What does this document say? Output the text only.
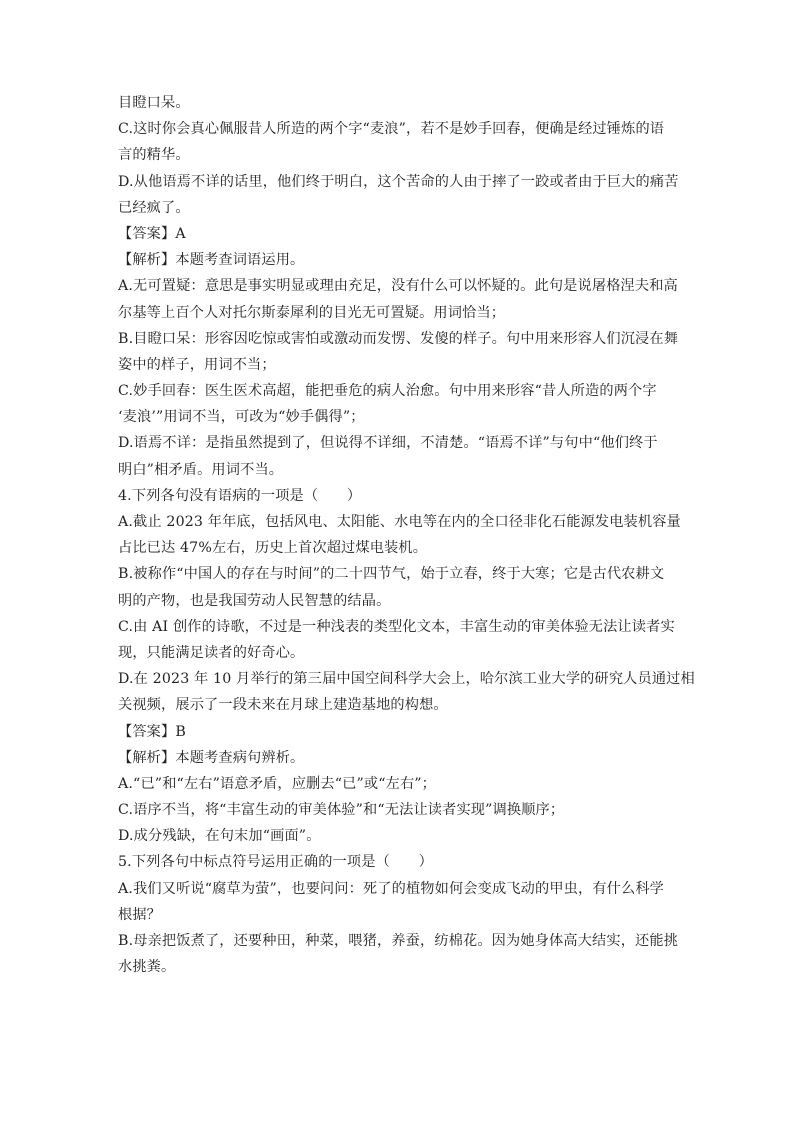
目瞪口呆。
C.这时你会真心佩服昔人所造的两个字“麦浪”，若不是妙手回春，便确是经过锤炼的语
言的精华。
D.从他语焉不详的话里，他们终于明白，这个苦命的人由于摔了一跤或者由于巨大的痛苦
已经疯了。
【答案】A
【解析】本题考查词语运用。
A.无可置疑：意思是事实明显或理由充足，没有什么可以怀疑的。此句是说屠格涅夫和高
尔基等上百个人对托尔斯泰犀利的目光无可置疑。用词恰当；
B.目瞪口呆：形容因吃惊或害怕或激动而发愣、发傻的样子。句中用来形容人们沉浸在舞
姿中的样子，用词不当；
C.妙手回春：医生医术高超，能把垂危的病人治愈。句中用来形容“昔人所造的两个字
‘麦浪’”用词不当，可改为“妙手偶得”；
D.语焉不详：是指虽然提到了，但说得不详细，不清楚。“语焉不详”与句中“他们终于
明白”相矛盾。用词不当。
4.下列各句没有语病的一项是（　　）
A.截止 2023 年年底，包括风电、太阳能、水电等在内的全口径非化石能源发电装机容量
占比已达 47%左右，历史上首次超过煤电装机。
B.被称作“中国人的存在与时间”的二十四节气，始于立春，终于大寒；它是古代农耕文
明的产物，也是我国劳动人民智慧的结晶。
C.由 AI 创作的诗歌，不过是一种浅表的类型化文本，丰富生动的审美体验无法让读者实
现，只能满足读者的好奇心。
D.在 2023 年 10 月举行的第三届中国空间科学大会上，哈尔滨工业大学的研究人员通过相
关视频，展示了一段未来在月球上建造基地的构想。
【答案】B
【解析】本题考查病句辨析。
A.“已”和“左右”语意矛盾，应删去“已”或“左右”；
C.语序不当，将“丰富生动的审美体验”和“无法让读者实现”调换顺序；
D.成分残缺，在句末加“画面”。
5.下列各句中标点符号运用正确的一项是（　　）
A.我们又听说“腐草为萤”，也要问问：死了的植物如何会变成飞动的甲虫，有什么科学
根据？
B.母亲把饭煮了，还要种田，种菜，喂猪，养蚕，纺棉花。因为她身体高大结实，还能挑
水挑粪。
